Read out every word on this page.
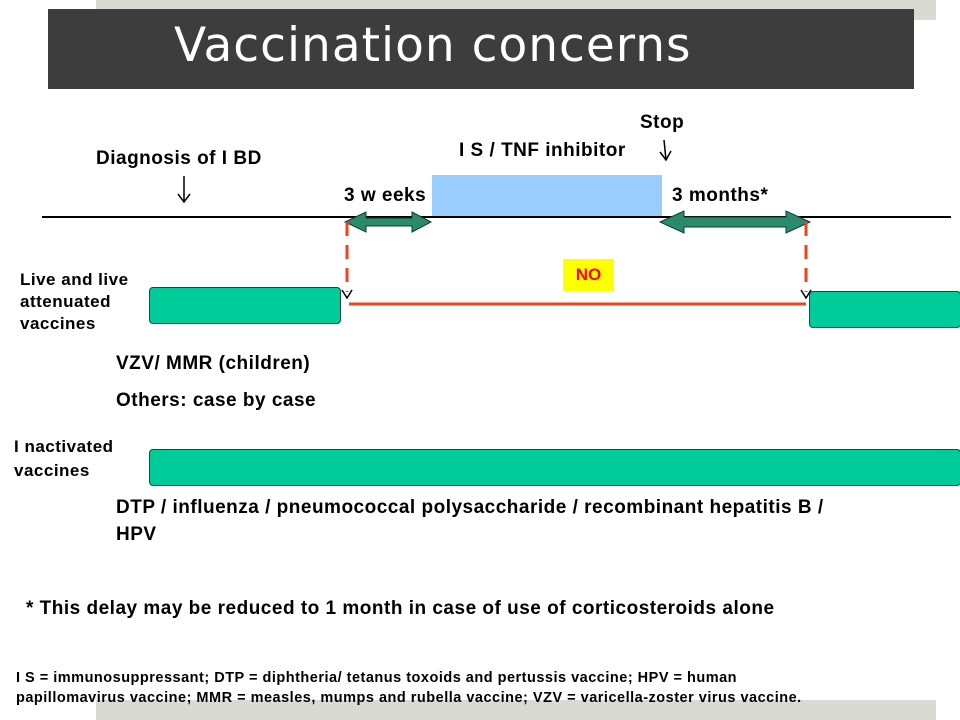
Vaccination concerns
Stop
I S / TNF inhibitor
Diagnosis of I BD
3 w eeks	3 months*
NO
Live and live
attenuated
vaccines
VZV/ MMR (children)
Others: case by case
I nactivated
vaccines
DTP / influenza / pneumococcal polysaccharide / recombinant hepatitis B /
HPV
* This delay may be reduced to 1 month in case of use of corticosteroids alone
I S = immunosuppressant; DTP = diphtheria/ tetanus toxoids and pertussis vaccine; HPV = human
papillomavirus vaccine; MMR = measles, mumps and rubella vaccine; VZV = varicella-zoster virus vaccine.
